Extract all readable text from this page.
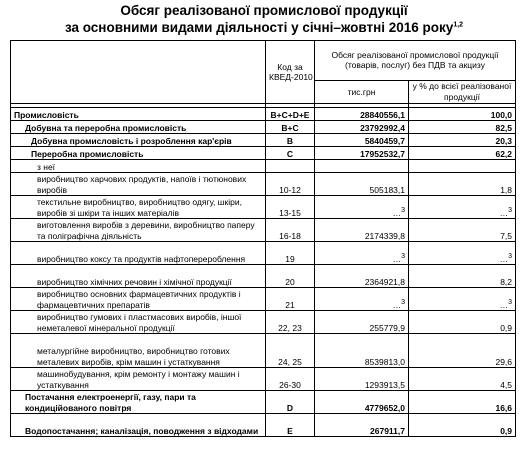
Обсяг реалізованої промислової продукції
за основними видами діяльності у січні–жовтні 2016 року$^{1,2}$
	Код за КВЕД-2010	Обсяг реалізованої промислової продукції (товарів, послуг) без ПДВ та акцизу	
		тис.грн	у % до всієї реалізованої продукції

Промисловість	B+C+D+E	28840556,1	100,0
Добувна та переробна промисловість	B+C	23792992,4	82,5
Добувна промисловість і розроблення кар'єрів	B	5840459,7	20,3
Переробна промисловість	C	17952532,7	62,2
з неї			
виробництво харчових продуктів, напоїв і тютюнових виробів	10-12	505183,1	1,8
текстильне виробництво, виробництво одягу, шкіри, виробів зі шкіри та інших матеріалів	13-15	…$^3$	…$^3$
виготовлення виробів з деревини, виробництво паперу та поліграфічна діяльність	16-18	2174339,8	7,5
виробництво коксу та продуктів нафтоперероблення	19	…$^3$	…$^3$
виробництво хімічних речовин і хімічної продукції	20	2364921,8	8,2
виробництво основних фармацевтичних продуктів і фармацевтичних препаратів	21	…$^3$	…$^3$
виробництво гумових і пластмасових виробів, іншої неметалевої мінеральної продукції	22, 23	255779,9	0,9
металургійне виробництво, виробництво готових металевих виробів, крім машин і устаткування	24, 25	8539813,0	29,6
машинобудування, крім ремонту і монтажу машин і устаткування	26-30	1293913,5	4,5
Постачання електроенергії, газу, пари та кондиційованого повітря	D	4779652,0	16,6
Водопостачання; каналізація, поводження з відходами	E	267911,7	0,9
